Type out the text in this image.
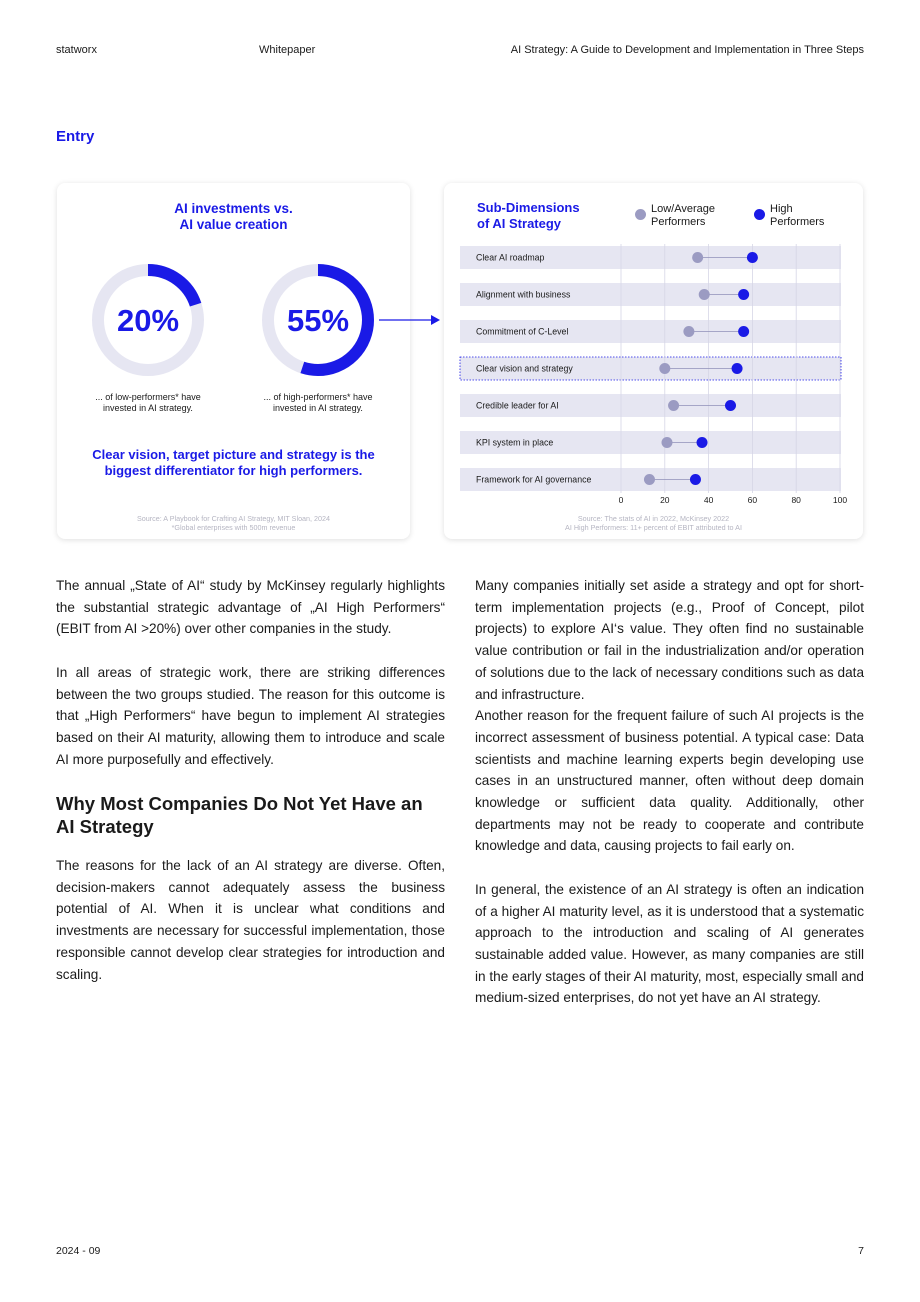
statworx	Whitepaper	AI Strategy: A Guide to Development and Implementation in Three Steps
Entry
AI investments vs.
AI value creation
20%	55%
... of low-performers* have
invested in AI strategy.
... of high-performers* have
invested in AI strategy.
Clear vision, target picture and strategy is the
biggest differentiator for high performers.
Source: A Playbook for Crafting AI Strategy, MIT Sloan, 2024
*Global enterprises with 500m revenue
0	20	40	60	80	100
Clear AI roadmap
Alignment with business
Commitment of C-Level
Clear vision and strategy
Credible leader for AI
KPI system in place
Framework for AI governance
Sub-Dimensions
of AI Strategy
Low/Average
Performers
High
Performers
Source: The stats of AI in 2022, McKinsey 2022
AI High Performers: 11+ percent of EBIT attributed to AI

The annual „State of AI“ study by McKinsey regularly highlights the substantial strategic advantage of „AI High Performers“ (EBIT from AI >20%) over other companies in the study.

In all areas of strategic work, there are striking differences between the two groups studied. The reason for this outcome is that „High Performers“ have begun to implement AI strategies based on their AI maturity, allowing them to introduce and scale AI more purposefully and effectively.

Why Most Companies Do Not Yet Have an AI Strategy

The reasons for the lack of an AI strategy are diverse. Often, decision-makers cannot adequately assess the business potential of AI. When it is unclear what conditions and investments are necessary for successful implementation, those responsible cannot develop clear strategies for introduction and scaling.

Many companies initially set aside a strategy and opt for short-term implementation projects (e.g., Proof of Concept, pilot projects) to explore AI‘s value. They often find no sustainable value contribution or fail in the industrialization and/or operation of solutions due to the lack of necessary conditions such as data and infrastructure.

Another reason for the frequent failure of such AI projects is the incorrect assessment of business potential. A typical case: Data scientists and machine learning experts begin developing use cases in an unstructured manner, often without deep domain knowledge or sufficient data quality. Additionally, other departments may not be ready to cooperate and contribute knowledge and data, causing projects to fail early on.

In general, the existence of an AI strategy is often an indication of a higher AI maturity level, as it is understood that a systematic approach to the introduction and scaling of AI generates sustainable added value. However, as many companies are still in the early stages of their AI maturity, most, especially small and medium-sized enterprises, do not yet have an AI strategy.

2024 - 09	7
